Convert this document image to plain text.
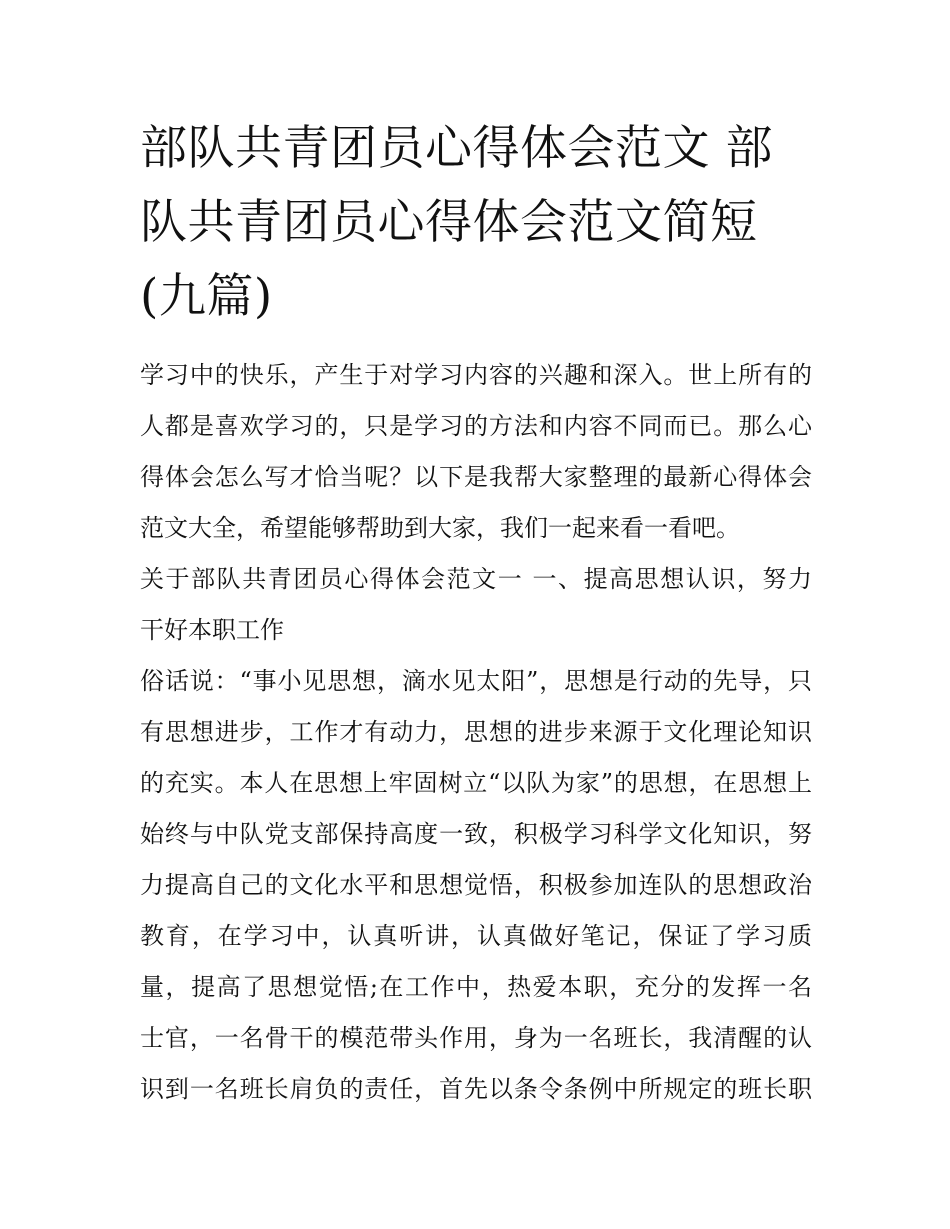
部队共青团员心得体会范文 部
队共青团员心得体会范文简短
(九篇)

学习中的快乐，产生于对学习内容的兴趣和深入。世上所有的
人都是喜欢学习的，只是学习的方法和内容不同而已。那么心
得体会怎么写才恰当呢？以下是我帮大家整理的最新心得体会
范文大全，希望能够帮助到大家，我们一起来看一看吧。

关于部队共青团员心得体会范文一 一、提高思想认识，努力
干好本职工作

俗话说：“事小见思想，滴水见太阳”，思想是行动的先导，只
有思想进步，工作才有动力，思想的进步来源于文化理论知识
的充实。本人在思想上牢固树立“以队为家”的思想，在思想上
始终与中队党支部保持高度一致，积极学习科学文化知识，努
力提高自己的文化水平和思想觉悟，积极参加连队的思想政治
教育，在学习中，认真听讲，认真做好笔记，保证了学习质
量，提高了思想觉悟;在工作中，热爱本职，充分的发挥一名
士官，一名骨干的模范带头作用，身为一名班长，我清醒的认
识到一名班长肩负的责任，首先以条令条例中所规定的班长职
